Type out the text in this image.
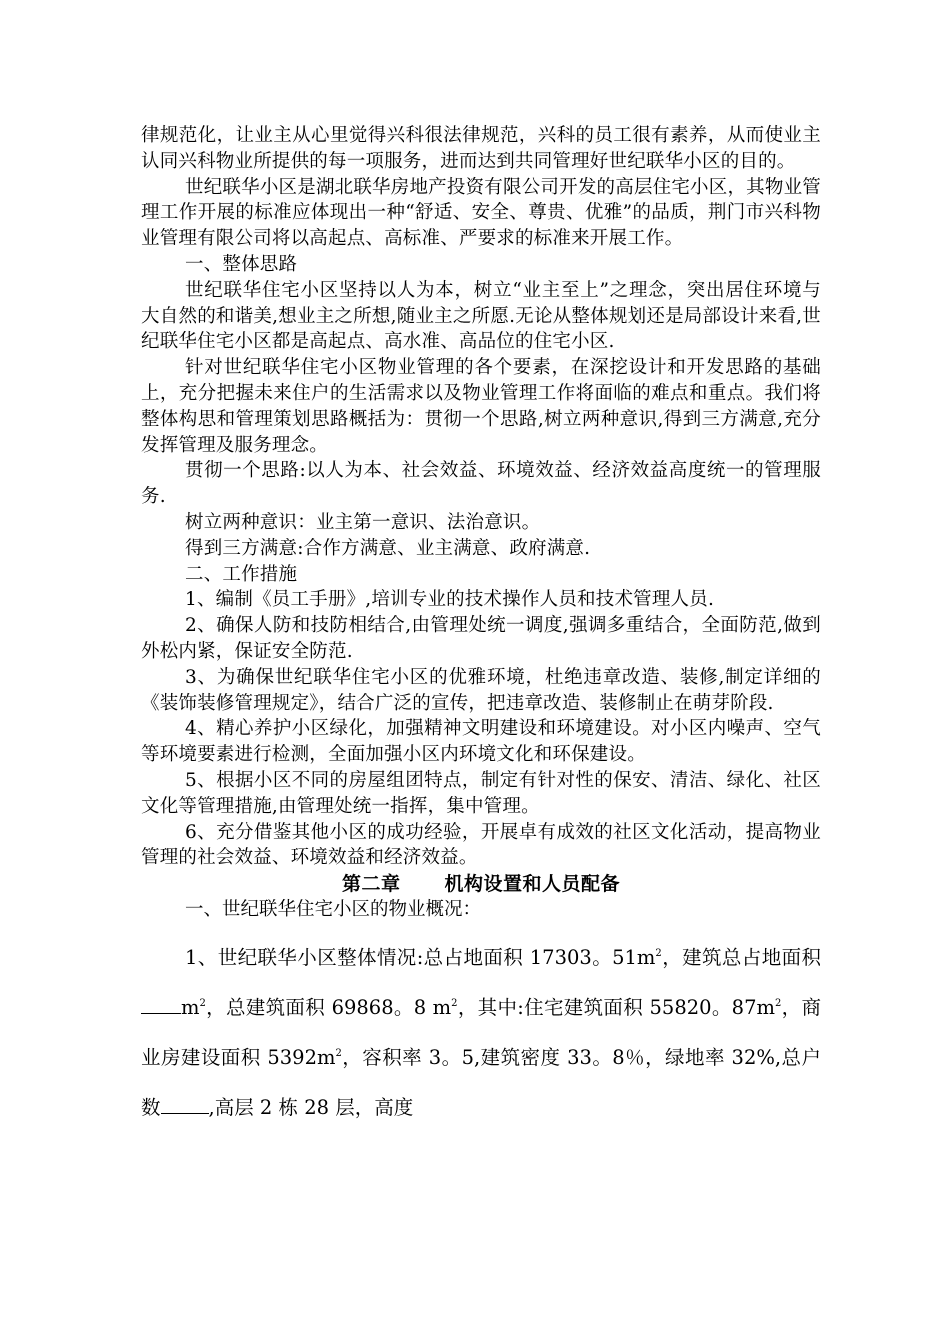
律规范化，让业主从心里觉得兴科很法律规范，兴科的员工很有素养，从而使业主认同兴科物业所提供的每一项服务，进而达到共同管理好世纪联华小区的目的。

世纪联华小区是湖北联华房地产投资有限公司开发的高层住宅小区，其物业管理工作开展的标准应体现出一种“舒适、安全、尊贵、优雅”的品质，荆门市兴科物业管理有限公司将以高起点、高标准、严要求的标准来开展工作。

一、整体思路

世纪联华住宅小区坚持以人为本，树立“业主至上”之理念，突出居住环境与大自然的和谐美,想业主之所想,随业主之所愿.无论从整体规划还是局部设计来看,世纪联华住宅小区都是高起点、高水准、高品位的住宅小区.

针对世纪联华住宅小区物业管理的各个要素，在深挖设计和开发思路的基础上，充分把握未来住户的生活需求以及物业管理工作将面临的难点和重点。我们将整体构思和管理策划思路概括为：贯彻一个思路,树立两种意识,得到三方满意,充分发挥管理及服务理念。

贯彻一个思路:以人为本、社会效益、环境效益、经济效益高度统一的管理服务.

树立两种意识：业主第一意识、法治意识。

得到三方满意:合作方满意、业主满意、政府满意.

二、工作措施

1、编制《员工手册》,培训专业的技术操作人员和技术管理人员.

2、确保人防和技防相结合,由管理处统一调度,强调多重结合，全面防范,做到外松内紧，保证安全防范.

3、为确保世纪联华住宅小区的优雅环境，杜绝违章改造、装修,制定详细的《装饰装修管理规定》，结合广泛的宣传，把违章改造、装修制止在萌芽阶段.

4、精心养护小区绿化，加强精神文明建设和环境建设。对小区内噪声、空气等环境要素进行检测，全面加强小区内环境文化和环保建设。

5、根据小区不同的房屋组团特点，制定有针对性的保安、清洁、绿化、社区文化等管理措施,由管理处统一指挥，集中管理。

6、充分借鉴其他小区的成功经验，开展卓有成效的社区文化活动，提高物业管理的社会效益、环境效益和经济效益。

第二章 机构设置和人员配备

一、世纪联华住宅小区的物业概况：

1、世纪联华小区整体情况:总占地面积 17303。$51m^2$，建筑总占地面积$m^2$，总建筑面积 69868。8 $m^2$，其中:住宅建筑面积 55820。$87m^2$，商业房建设面积 $5392m^2$，容积率 3。5,建筑密度 33。8％，绿地率 32%,总户数 ,高层 2 栋 28 层，高度
